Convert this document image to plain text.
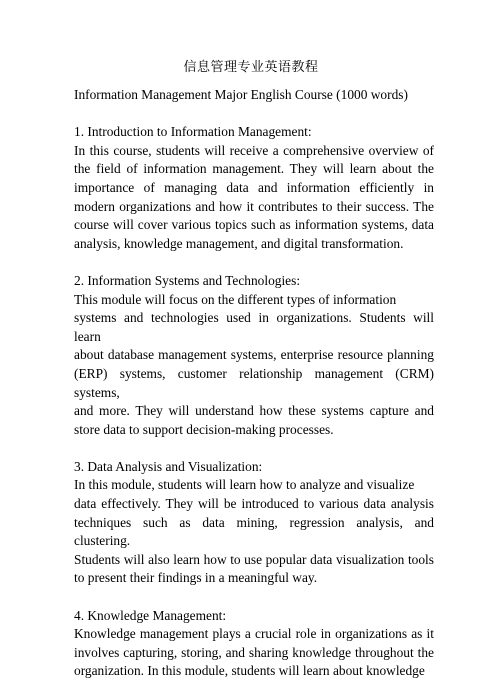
信息管理专业英语教程
Information Management Major English Course (1000 words)
1. Introduction to Information Management:
In this course, students will receive a comprehensive overview of
the field of information management. They will learn about the
importance of managing data and information efficiently in
modern organizations and how it contributes to their success. The
course will cover various topics such as information systems, data
analysis, knowledge management, and digital transformation.
2. Information Systems and Technologies:
This module will focus on the different types of information
systems and technologies used in organizations. Students will learn
about database management systems, enterprise resource planning
(ERP) systems, customer relationship management (CRM) systems,
and more. They will understand how these systems capture and
store data to support decision-making processes.
3. Data Analysis and Visualization:
In this module, students will learn how to analyze and visualize
data effectively. They will be introduced to various data analysis
techniques such as data mining, regression analysis, and clustering.
Students will also learn how to use popular data visualization tools
to present their findings in a meaningful way.
4. Knowledge Management:
Knowledge management plays a crucial role in organizations as it
involves capturing, storing, and sharing knowledge throughout the
organization. In this module, students will learn about knowledge
